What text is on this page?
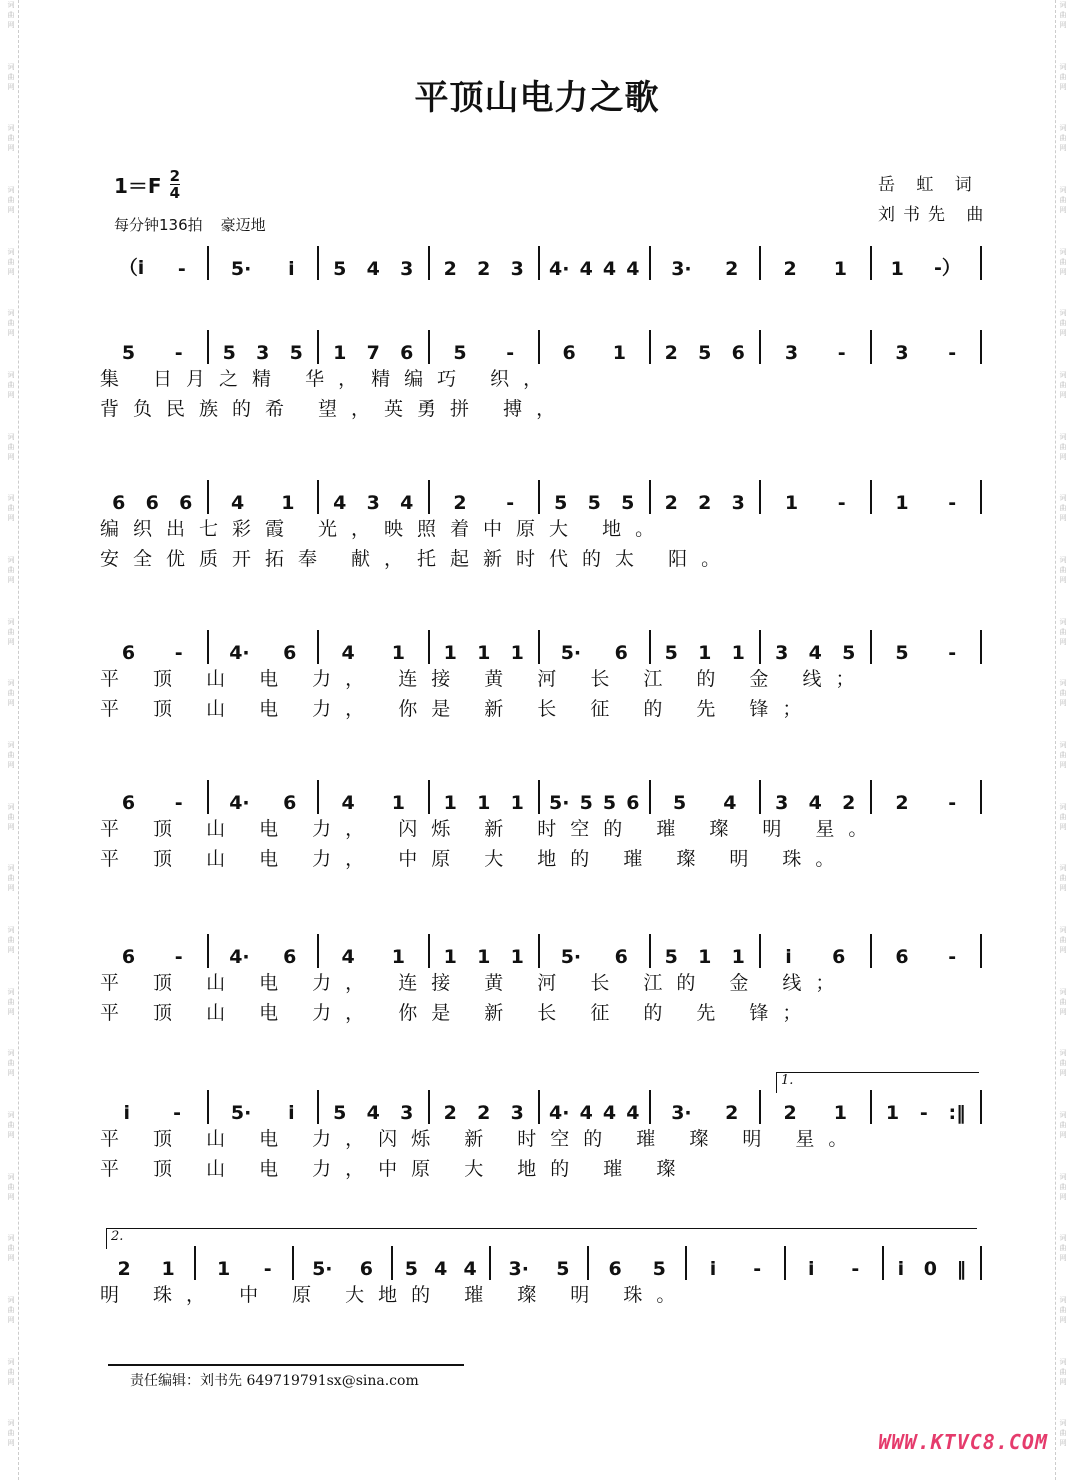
词
曲
网
词
曲
网
词
曲
网
词
曲
网
词
曲
网
词
曲
网
词
曲
网
词
曲
网
词
曲
网
词
曲
网
词
曲
网
词
曲
网
词
曲
网
词
曲
网
词
曲
网
词
曲
网
词
曲
网
词
曲
网
词
曲
网
词
曲
网
词
曲
网
词
曲
网
词
曲
网
词
曲
网
词
曲
网
词
曲
网
词
曲
网
词
曲
网
词
曲
网
词
曲
网
词
曲
网
词
曲
网
词
曲
网
词
曲
网
词
曲
网
词
曲
网
词
曲
网
词
曲
网
词
曲
网
词
曲
网
词
曲
网
词
曲
网
词
曲
网
词
曲
网
词
曲
网
词
曲
网
词
曲
网
词
曲
网
平顶山电力之歌
$1=F \frac{2}{4}$
每分钟136拍 豪迈地
岳 虹 词
刘书先 曲
（i - 5· i 5 4 3 2 2 3 4· 4 4 4 3· 2 2 1 1 -）
5 - 5 3 5 1 7 6 5 -	6 1 2 5 6 3 -	3 -
集 日月之精 华，精编巧 织，
背负民族的希 望，英勇拼 搏，
6 6 6 4 1 4 3 4 2 - 5 5 5 2 2 3 1 -	1 -
编织出七彩霞 光，映照着中原大 地。
安全优质开拓奉 献，托起新时代的太 阳。
6 - 4· 6 4 1 1 1 1 5· 6 5 1 1 3 4 5 5 -
平 顶 山 电 力， 连接 黄 河 长 江 的 金 线；
平 顶 山 电 力， 你是 新 长 征 的 先 锋；
6 - 4· 6 4 1 1 1 1 5· 5 5 6 5 4 3 4 2 2 -
平 顶 山 电 力， 闪烁 新 时空的 璀 璨 明 星。
平 顶 山 电 力， 中原 大 地的 璀 璨 明 珠。
6 - 4· 6 4 1 1 1 1 5· 6 5 1 1 i 6	6 -
平 顶 山 电 力， 连接 黄 河 长 江的 金 线；
平 顶 山 电 力， 你是 新 长 征 的 先 锋；
i -	5· i 5 4 3 2 2 3 4· 4 4 4 3· 2 2 1 1 - :‖
平 顶 山 电 力，闪烁 新 时空的 璀 璨 明 星。
平 顶 山 电 力，中原 大 地的 璀 璨
2 1 1 - 5· 6 5 4 4 3· 5 6 5 i - i - i 0 ‖
明 珠， 中 原 大地的 璀 璨 明 珠。
1.
2.
责任编辑：刘书先 649719791sx@sina.com
WWW.KTVC8.COM
